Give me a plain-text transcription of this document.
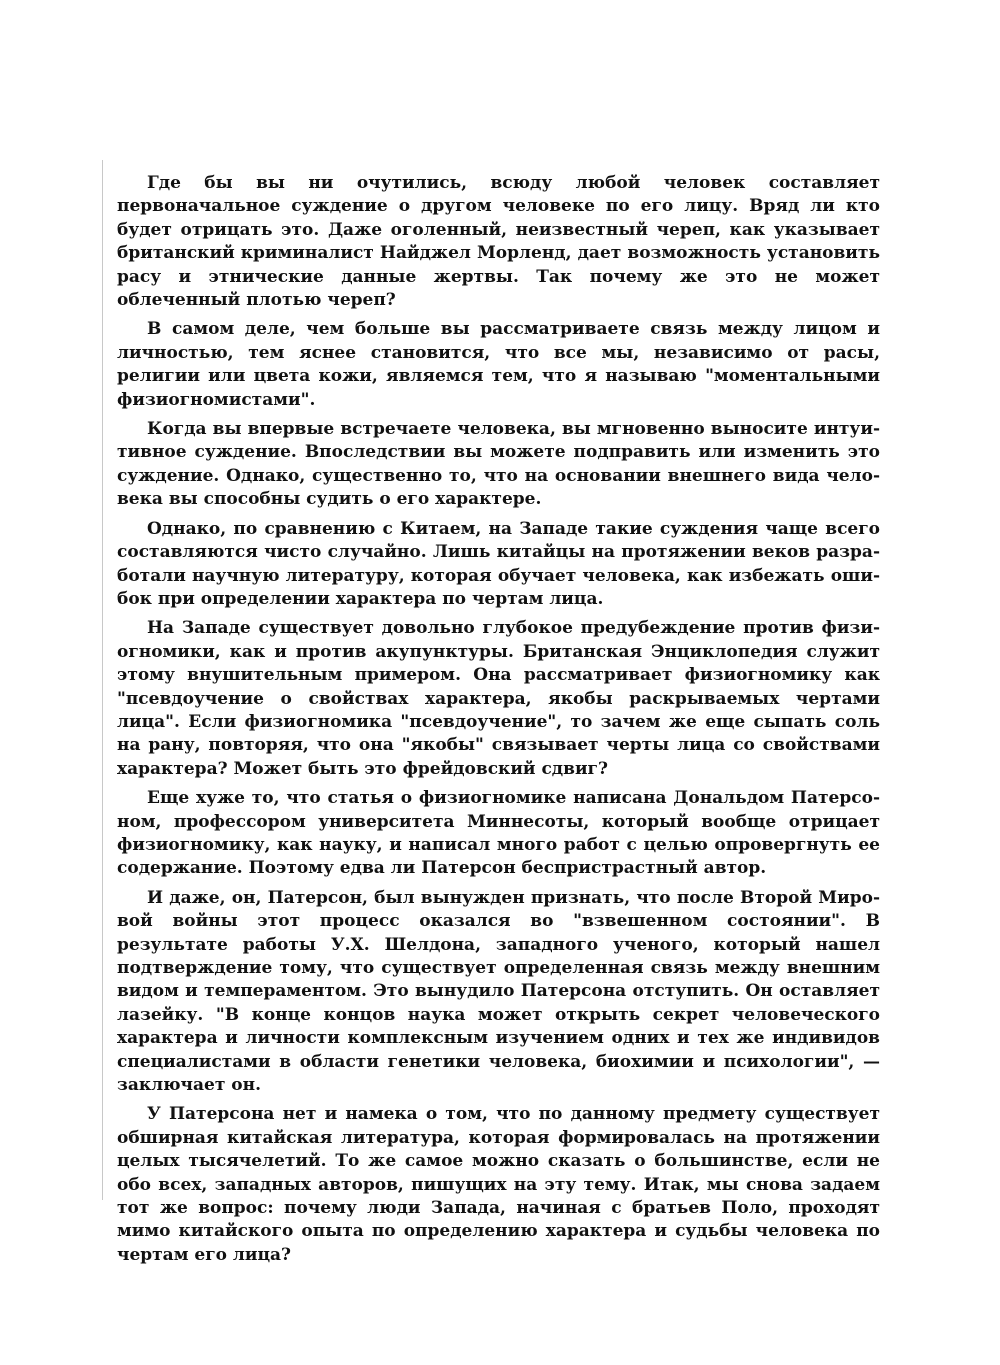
Где бы вы ни очутились, всюду любой человек составляет первоначальное суждение о другом человеке по его лицу. Вряд ли кто будет отрицать это. Даже оголенный, неизвестный череп, как указывает британский криминалист Найджел Морленд, дает возможность установить расу и этнические данные жертвы. Так почему же это не может облеченный плотью череп?

В самом деле, чем больше вы рассматриваете связь между лицом и личностью, тем яснее становится, что все мы, независимо от расы, религии или цвета кожи, являемся тем, что я называю "моментальными физиогномистами".

Когда вы впервые встречаете человека, вы мгновенно выносите интуитивное суждение. Впоследствии вы можете подправить или изменить это суждение. Однако, существенно то, что на основании внешнего вида человека вы способны судить о его характере.

Однако, по сравнению с Китаем, на Западе такие суждения чаще всего составляются чисто случайно. Лишь китайцы на протяжении веков разработали научную литературу, которая обучает человека, как избежать ошибок при определении характера по чертам лица.

На Западе существует довольно глубокое предубеждение против физиогномики, как и против акупунктуры. Британская Энциклопедия служит этому внушительным примером. Она рассматривает физиогномику как "псевдоучение о свойствах характера, якобы раскрываемых чертами лица". Если физиогномика "псевдоучение", то зачем же еще сыпать соль на рану, повторяя, что она "якобы" связывает черты лица со свойствами характера? Может быть это фрейдовский сдвиг?

Еще хуже то, что статья о физиогномике написана Дональдом Патерсоном, профессором университета Миннесоты, который вообще отрицает физиогномику, как науку, и написал много работ с целью опровергнуть ее содержание. Поэтому едва ли Патерсон беспристрастный автор.

И даже, он, Патерсон, был вынужден признать, что после Второй Мировой войны этот процесс оказался во "взвешенном состоянии". В результате работы У.Х. Шелдона, западного ученого, который нашел подтверждение тому, что существует определенная связь между внешним видом и темпераментом. Это вынудило Патерсона отступить. Он оставляет лазейку. "В конце концов наука может открыть секрет человеческого характера и личности комплексным изучением одних и тех же индивидов специалистами в области генетики человека, биохимии и психологии", — заключает он.

У Патерсона нет и намека о том, что по данному предмету существует обширная китайская литература, которая формировалась на протяжении целых тысячелетий. То же самое можно сказать о большинстве, если не обо всех, западных авторов, пишущих на эту тему. Итак, мы снова задаем тот же вопрос: почему люди Запада, начиная с братьев Поло, проходят мимо китайского опыта по определению характера и судьбы человека по чертам его лица?
